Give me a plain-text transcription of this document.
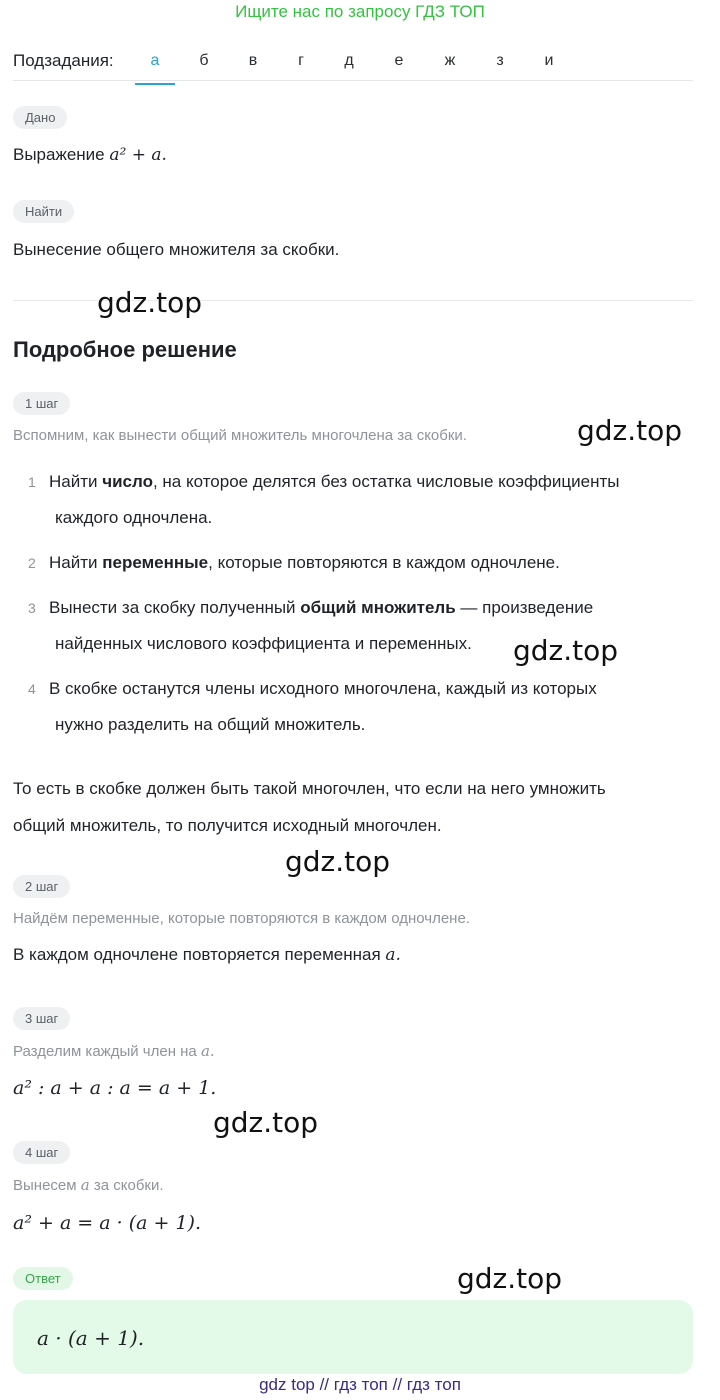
Ищите нас по запросу ГДЗ ТОП
Подзадания:	а	б	в	г	д	е	ж	з	и
Дано
Выражение a² + a.
Найти
Вынесение общего множителя за скобки.
gdz.top
Подробное решение
1 шаг
Вспомним, как вынести общий множитель многочлена за скобки.	gdz.top
1 Найти число, на которое делятся без остатка числовые коэффициенты
каждого одночлена.
2 Найти переменные, которые повторяются в каждом одночлене.
3 Вынести за скобку полученный общий множитель — произведение
найденных числового коэффициента и переменных.	gdz.top
4 В скобке останутся члены исходного многочлена, каждый из которых
нужно разделить на общий множитель.
То есть в скобке должен быть такой многочлен, что если на него умножить
общий множитель, то получится исходный многочлен.
gdz.top
2 шаг
Найдём переменные, которые повторяются в каждом одночлене.
В каждом одночлене повторяется переменная a.
3 шаг
Разделим каждый член на a.
a² : a + a : a = a + 1.
gdz.top
4 шаг
Вынесем a за скобки.
a² + a = a · (a + 1).
Ответ	gdz.top
a · (a + 1).
gdz top // гдз топ // гдз топ
